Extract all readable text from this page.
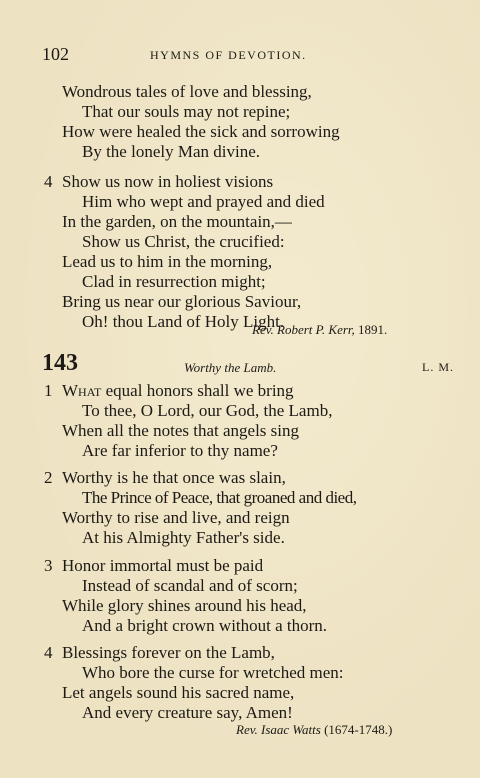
102	HYMNS OF DEVOTION.
Wondrous tales of love and blessing,
That our souls may not repine;
How were healed the sick and sorrowing
By the lonely Man divine.
4 Show us now in holiest visions
Him who wept and prayed and died
In the garden, on the mountain,—
Show us Christ, the crucified:
Lead us to him in the morning,
Clad in resurrection might;
Bring us near our glorious Saviour,
Oh! thou Land of Holy Light.
Rev. Robert P. Kerr, 1891.
143	Worthy the Lamb.	L. M.
1 What equal honors shall we bring
To thee, O Lord, our God, the Lamb,
When all the notes that angels sing
Are far inferior to thy name?
2 Worthy is he that once was slain,
The Prince of Peace, that groaned and died,
Worthy to rise and live, and reign
At his Almighty Father's side.
3 Honor immortal must be paid
Instead of scandal and of scorn;
While glory shines around his head,
And a bright crown without a thorn.
4 Blessings forever on the Lamb,
Who bore the curse for wretched men:
Let angels sound his sacred name,
And every creature say, Amen!
Rev. Isaac Watts (1674-1748.)
